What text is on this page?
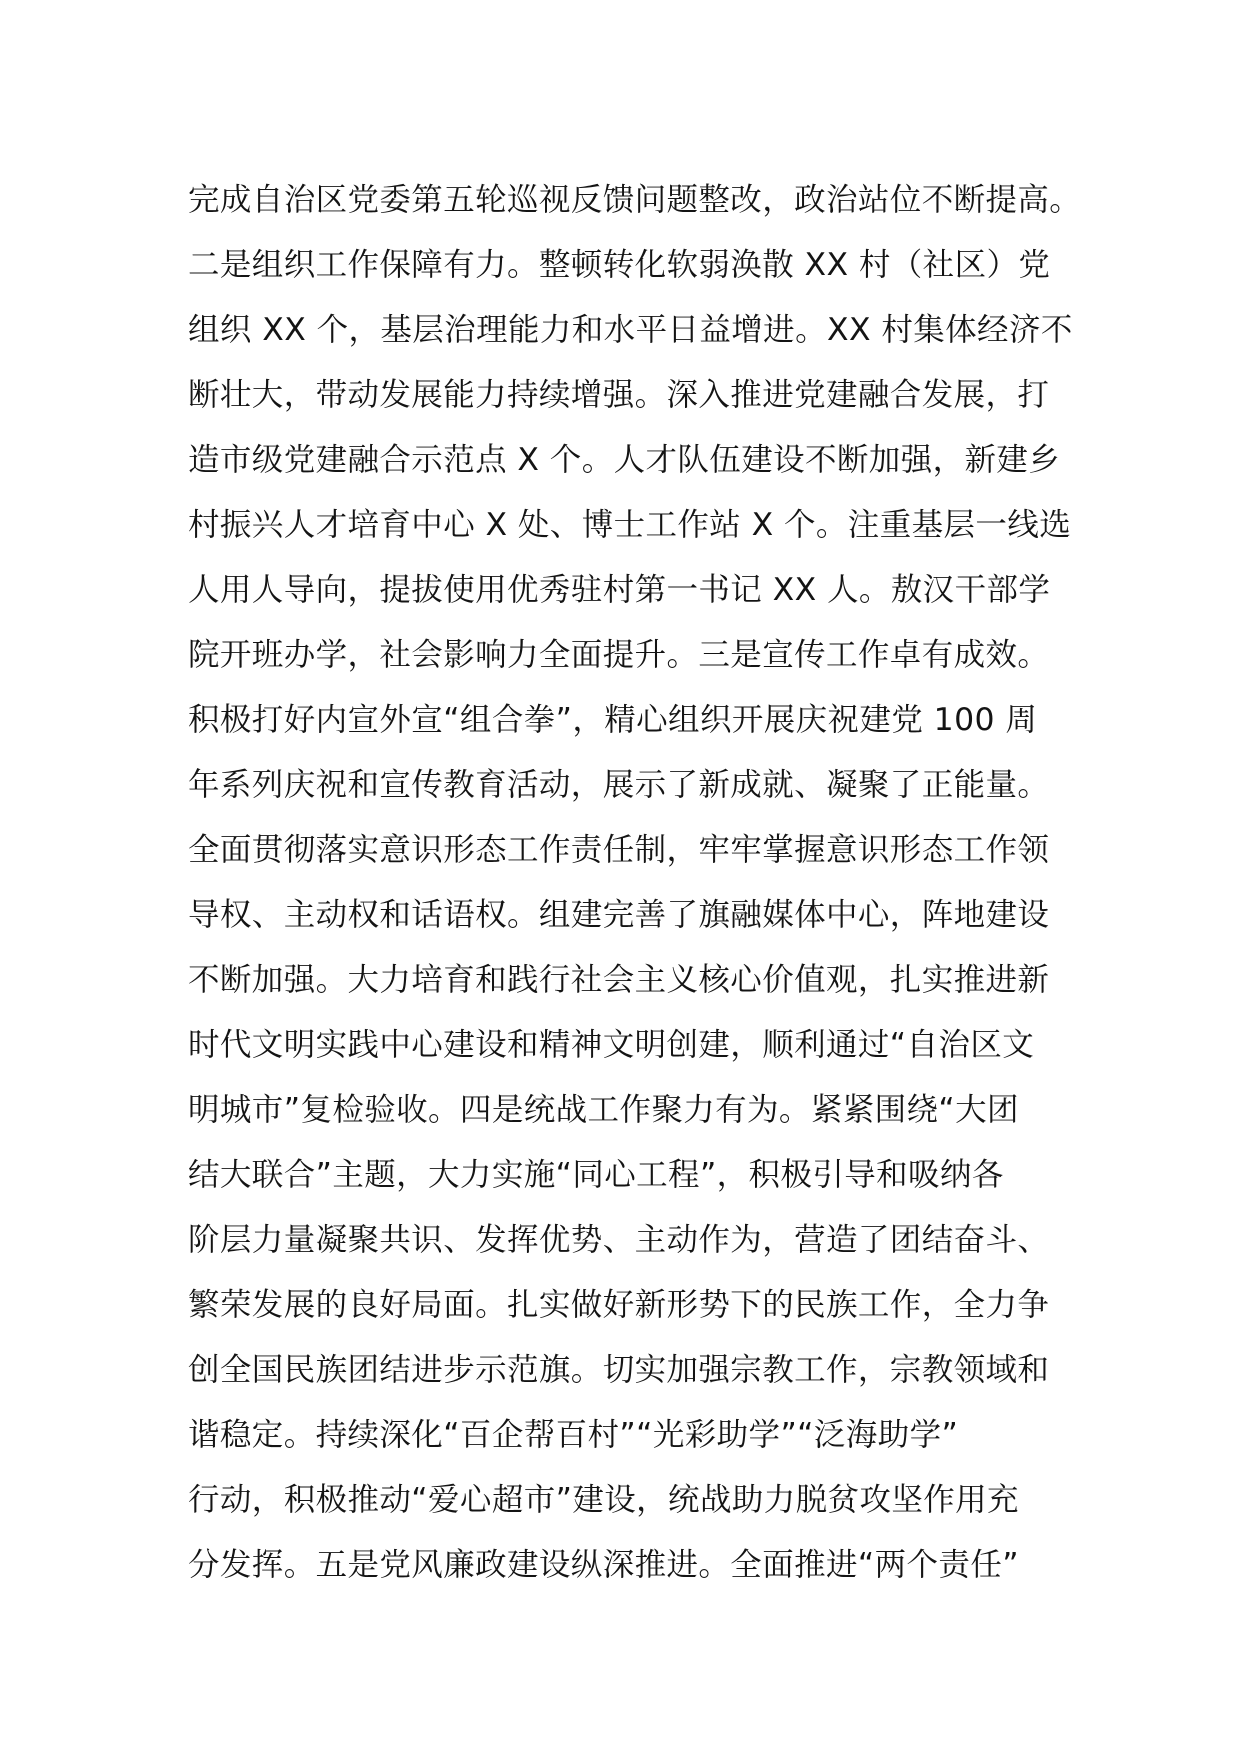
完成自治区党委第五轮巡视反馈问题整改，政治站位不断提高。
二是组织工作保障有力。整顿转化软弱涣散 XX 村（社区）党
组织 XX 个，基层治理能力和水平日益增进。XX 村集体经济不
断壮大，带动发展能力持续增强。深入推进党建融合发展，打
造市级党建融合示范点 X 个。人才队伍建设不断加强，新建乡
村振兴人才培育中心 X 处、博士工作站 X 个。注重基层一线选
人用人导向，提拔使用优秀驻村第一书记 XX 人。敖汉干部学
院开班办学，社会影响力全面提升。三是宣传工作卓有成效。
积极打好内宣外宣“组合拳”，精心组织开展庆祝建党 100 周
年系列庆祝和宣传教育活动，展示了新成就、凝聚了正能量。
全面贯彻落实意识形态工作责任制，牢牢掌握意识形态工作领
导权、主动权和话语权。组建完善了旗融媒体中心，阵地建设
不断加强。大力培育和践行社会主义核心价值观，扎实推进新
时代文明实践中心建设和精神文明创建，顺利通过“自治区文
明城市”复检验收。四是统战工作聚力有为。紧紧围绕“大团
结大联合”主题，大力实施“同心工程”，积极引导和吸纳各
阶层力量凝聚共识、发挥优势、主动作为，营造了团结奋斗、
繁荣发展的良好局面。扎实做好新形势下的民族工作，全力争
创全国民族团结进步示范旗。切实加强宗教工作，宗教领域和
谐稳定。持续深化“百企帮百村”“光彩助学”“泛海助学”
行动，积极推动“爱心超市”建设，统战助力脱贫攻坚作用充
分发挥。五是党风廉政建设纵深推进。全面推进“两个责任”
